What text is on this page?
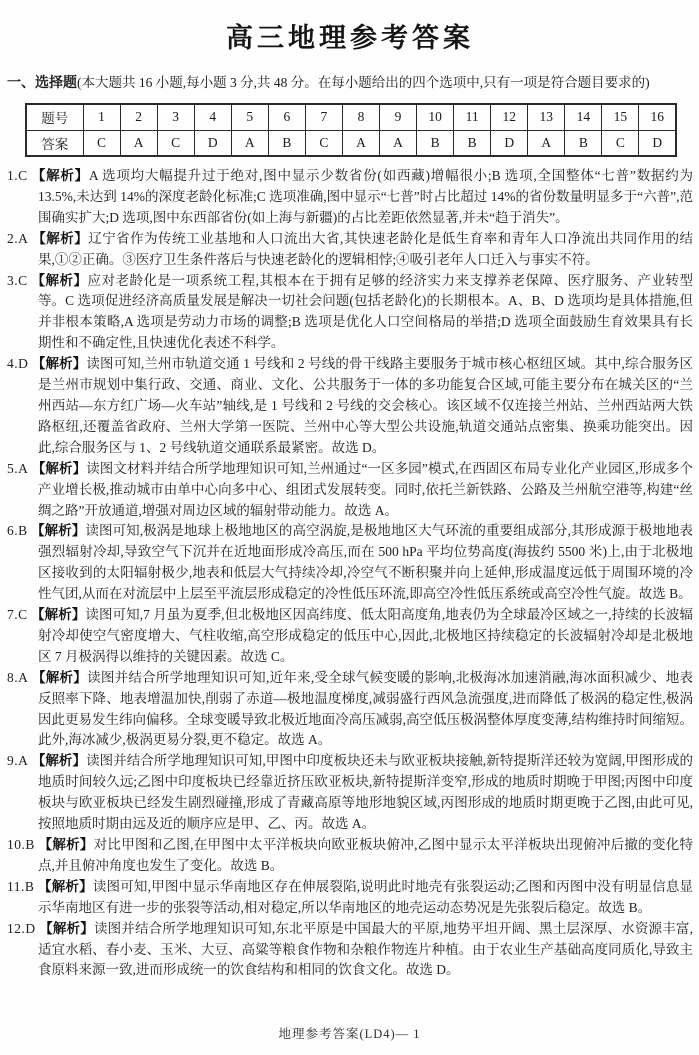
高三地理参考答案

一、选择题(本大题共 16 小题,每小题 3 分,共 48 分。在每小题给出的四个选项中,只有一项是符合题目要求的)

题号	1	2	3	4	5	6	7	8	9	10	11	12	13	14	15	16
答案	C	A	C	D	A	B	C	A	A	B	B	D	A	B	C	D
1.C 【解析】A 选项均大幅提升过于绝对,图中显示少数省份(如西藏)增幅很小;B 选项,全国整体“七普”数据约为 13.5%,未达到 14%的深度老龄化标准;C 选项准确,图中显示“七普”时占比超过 14%的省份数量明显多于“六普”,范围确实扩大;D 选项,图中东西部省份(如上海与新疆)的占比差距依然显著,并未“趋于消失”。
2.A 【解析】辽宁省作为传统工业基地和人口流出大省,其快速老龄化是低生育率和青年人口净流出共同作用的结果,①②正确。③医疗卫生条件落后与快速老龄化的逻辑相悖;④吸引老年人口迁入与事实不符。
3.C 【解析】应对老龄化是一项系统工程,其根本在于拥有足够的经济实力来支撑养老保障、医疗服务、产业转型等。C 选项促进经济高质量发展是解决一切社会问题(包括老龄化)的长期根本。A、B、D 选项均是具体措施,但并非根本策略,A 选项是劳动力市场的调整;B 选项是优化人口空间格局的举措;D 选项全面鼓励生育效果具有长期性和不确定性,且快速优化表述不科学。
4.D 【解析】读图可知,兰州市轨道交通 1 号线和 2 号线的骨干线路主要服务于城市核心枢纽区域。其中,综合服务区是兰州市规划中集行政、交通、商业、文化、公共服务于一体的多功能复合区域,可能主要分布在城关区的“兰州西站—东方红广场—火车站”轴线,是 1 号线和 2 号线的交会核心。该区域不仅连接兰州站、兰州西站两大铁路枢纽,还覆盖省政府、兰州大学第一医院、兰州中心等大型公共设施,轨道交通站点密集、换乘功能突出。因此,综合服务区与 1、2 号线轨道交通联系最紧密。故选 D。
5.A 【解析】读图文材料并结合所学地理知识可知,兰州通过“一区多园”模式,在西固区布局专业化产业园区,形成多个产业增长极,推动城市由单中心向多中心、组团式发展转变。同时,依托兰新铁路、公路及兰州航空港等,构建“丝绸之路”开放通道,增强对周边区域的辐射带动能力。故选 A。
6.B 【解析】读图可知,极涡是地球上极地地区的高空涡旋,是极地地区大气环流的重要组成部分,其形成源于极地地表强烈辐射冷却,导致空气下沉并在近地面形成冷高压,而在 500 hPa 平均位势高度(海拔约 5500 米)上,由于北极地区接收到的太阳辐射极少,地表和低层大气持续冷却,冷空气不断积聚并向上延伸,形成温度远低于周围环境的冷性气团,从而在对流层中上层至平流层形成稳定的冷性低压环流,即高空冷性低压系统或高空冷性气旋。故选 B。
7.C 【解析】读图可知,7 月虽为夏季,但北极地区因高纬度、低太阳高度角,地表仍为全球最冷区域之一,持续的长波辐射冷却使空气密度增大、气柱收缩,高空形成稳定的低压中心,因此,北极地区持续稳定的长波辐射冷却是北极地区 7 月极涡得以维持的关键因素。故选 C。
8.A 【解析】读图并结合所学地理知识可知,近年来,受全球气候变暖的影响,北极海冰加速消融,海冰面积减少、地表反照率下降、地表增温加快,削弱了赤道—极地温度梯度,减弱盛行西风急流强度,进而降低了极涡的稳定性,极涡因此更易发生纬向偏移。全球变暖导致北极近地面冷高压减弱,高空低压极涡整体厚度变薄,结构维持时间缩短。此外,海冰减少,极涡更易分裂,更不稳定。故选 A。
9.A 【解析】读图并结合所学地理知识可知,甲图中印度板块还未与欧亚板块接触,新特提斯洋还较为宽阔,甲图形成的地质时间较久远;乙图中印度板块已经靠近挤压欧亚板块,新特提斯洋变窄,形成的地质时期晚于甲图;丙图中印度板块与欧亚板块已经发生剧烈碰撞,形成了青藏高原等地形地貌区域,丙图形成的地质时期更晚于乙图,由此可见,按照地质时期由远及近的顺序应是甲、乙、丙。故选 A。
10.B 【解析】对比甲图和乙图,在甲图中太平洋板块向欧亚板块俯冲,乙图中显示太平洋板块出现俯冲后撤的变化特点,并且俯冲角度也发生了变化。故选 B。
11.B 【解析】读图可知,甲图中显示华南地区存在伸展裂陷,说明此时地壳有张裂运动;乙图和丙图中没有明显信息显示华南地区有进一步的张裂等活动,相对稳定,所以华南地区的地壳运动态势况是先张裂后稳定。故选 B。
12.D 【解析】读图并结合所学地理知识可知,东北平原是中国最大的平原,地势平坦开阔、黑土层深厚、水资源丰富,适宜水稻、春小麦、玉米、大豆、高粱等粮食作物和杂粮作物连片种植。由于农业生产基础高度同质化,导致主食原料来源一致,进而形成统一的饮食结构和相同的饮食文化。故选 D。
地理参考答案(LD4)— 1
